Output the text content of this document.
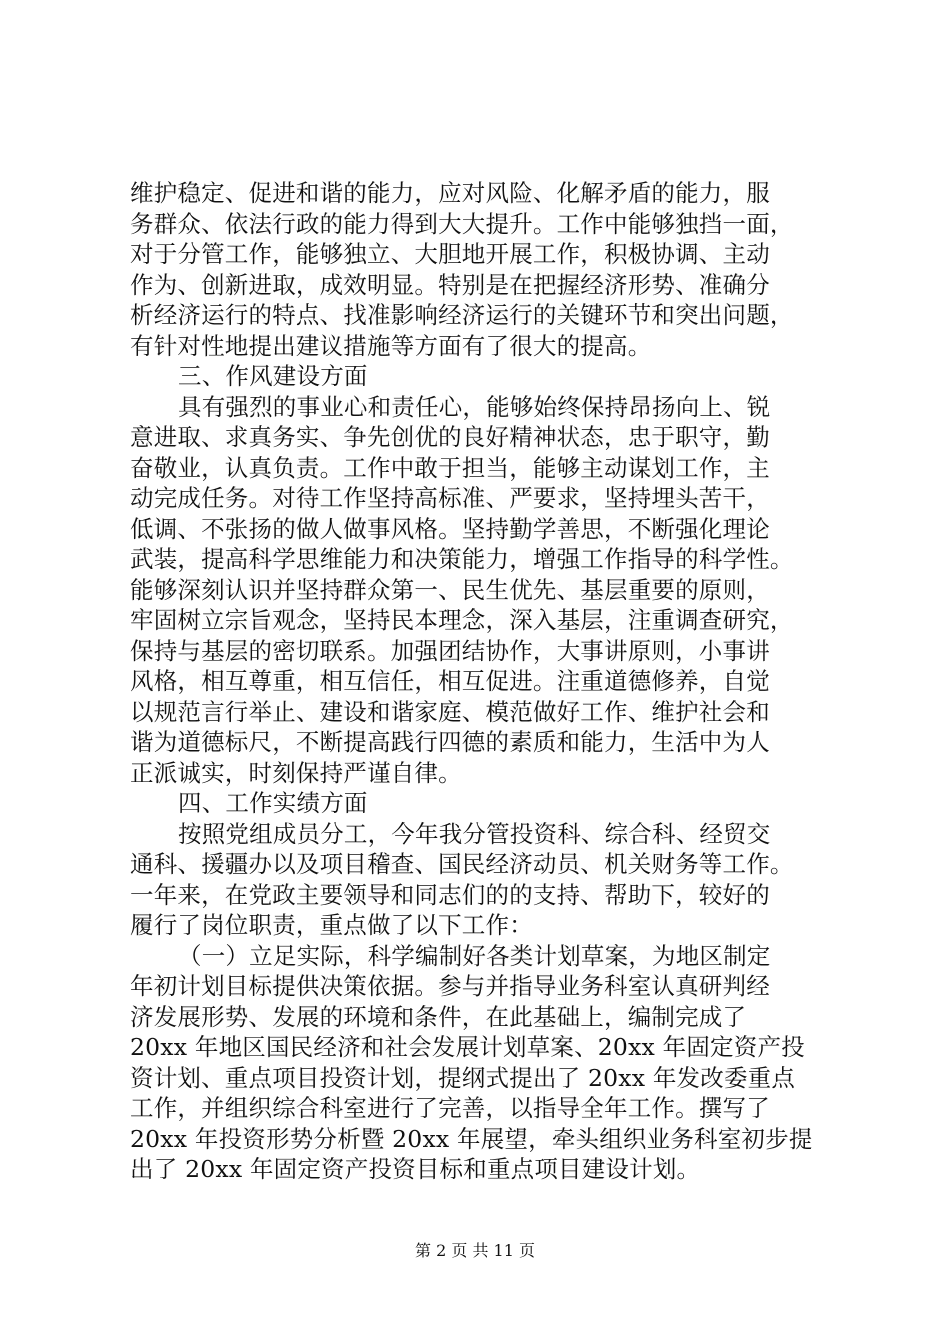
维护稳定、促进和谐的能力，应对风险、化解矛盾的能力，服
务群众、依法行政的能力得到大大提升。工作中能够独挡一面，
对于分管工作，能够独立、大胆地开展工作，积极协调、主动
作为、创新进取，成效明显。特别是在把握经济形势、准确分
析经济运行的特点、找准影响经济运行的关键环节和突出问题，
有针对性地提出建议措施等方面有了很大的提高。
三、作风建设方面
具有强烈的事业心和责任心，能够始终保持昂扬向上、锐
意进取、求真务实、争先创优的良好精神状态，忠于职守，勤
奋敬业，认真负责。工作中敢于担当，能够主动谋划工作，主
动完成任务。对待工作坚持高标准、严要求，坚持埋头苦干，
低调、不张扬的做人做事风格。坚持勤学善思，不断强化理论
武装，提高科学思维能力和决策能力，增强工作指导的科学性。
能够深刻认识并坚持群众第一、民生优先、基层重要的原则，
牢固树立宗旨观念，坚持民本理念，深入基层，注重调查研究，
保持与基层的密切联系。加强团结协作，大事讲原则，小事讲
风格，相互尊重，相互信任，相互促进。注重道德修养，自觉
以规范言行举止、建设和谐家庭、模范做好工作、维护社会和
谐为道德标尺，不断提高践行四德的素质和能力，生活中为人
正派诚实，时刻保持严谨自律。
四、工作实绩方面
按照党组成员分工，今年我分管投资科、综合科、经贸交
通科、援疆办以及项目稽查、国民经济动员、机关财务等工作。
一年来，在党政主要领导和同志们的的支持、帮助下，较好的
履行了岗位职责，重点做了以下工作：
（一）立足实际，科学编制好各类计划草案，为地区制定
年初计划目标提供决策依据。参与并指导业务科室认真研判经
济发展形势、发展的环境和条件，在此基础上，编制完成了
20xx 年地区国民经济和社会发展计划草案、20xx 年固定资产投
资计划、重点项目投资计划，提纲式提出了 20xx 年发改委重点
工作，并组织综合科室进行了完善，以指导全年工作。撰写了
20xx 年投资形势分析暨 20xx 年展望，牵头组织业务科室初步提
出了 20xx 年固定资产投资目标和重点项目建设计划。
第 2 页 共 11 页
